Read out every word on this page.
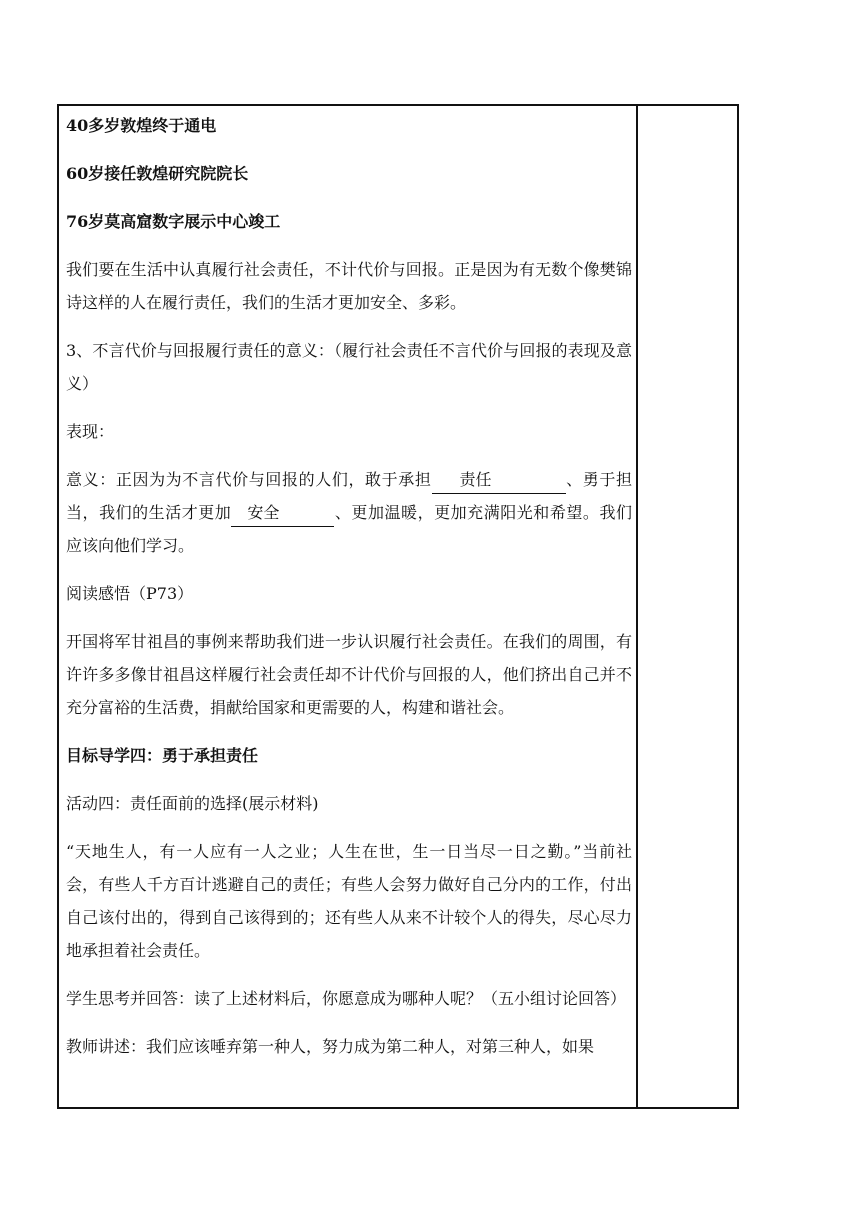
40多岁敦煌终于通电

60岁接任敦煌研究院院长

76岁莫高窟数字展示中心竣工

我们要在生活中认真履行社会责任，不计代价与回报。正是因为有无数个像樊锦诗这样的人在履行责任，我们的生活才更加安全、多彩。

3、不言代价与回报履行责任的意义：（履行社会责任不言代价与回报的表现及意义）

表现：

意义：正因为为不言代价与回报的人们，敢于承担 责任	、勇于担当，我们的生活才更加 安全	、更加温暖，更加充满阳光和希望。我们应该向他们学习。

阅读感悟（P73）

开国将军甘祖昌的事例来帮助我们进一步认识履行社会责任。在我们的周围，有许许多多像甘祖昌这样履行社会责任却不计代价与回报的人，他们挤出自己并不充分富裕的生活费，捐献给国家和更需要的人，构建和谐社会。

目标导学四：勇于承担责任

活动四：责任面前的选择(展示材料)

“天地生人，有一人应有一人之业；人生在世，生一日当尽一日之勤。”当前社会，有些人千方百计逃避自己的责任；有些人会努力做好自己分内的工作，付出自己该付出的，得到自己该得到的；还有些人从来不计较个人的得失，尽心尽力地承担着社会责任。

学生思考并回答：读了上述材料后，你愿意成为哪种人呢？（五小组讨论回答）

教师讲述：我们应该唾弃第一种人，努力成为第二种人，对第三种人，如果
